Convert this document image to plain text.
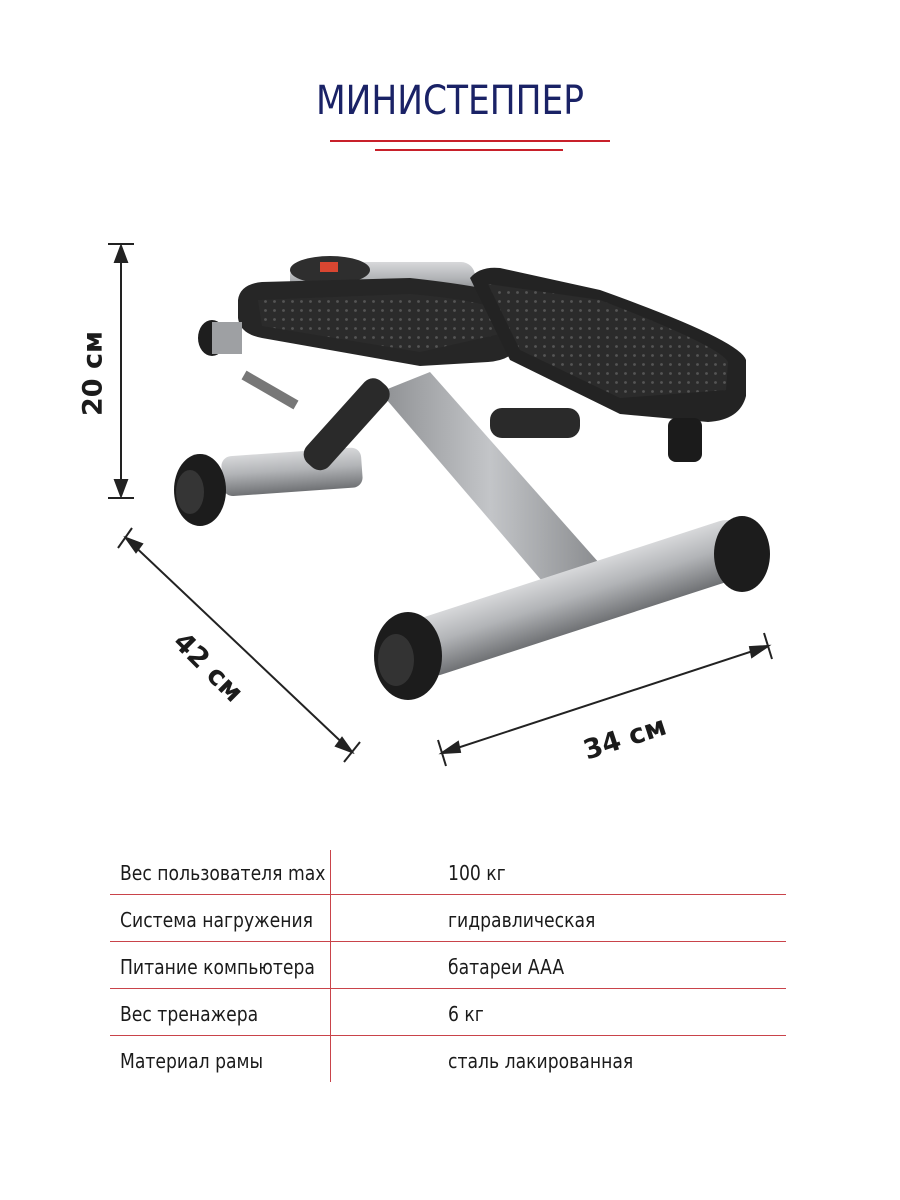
МИНИСТЕППЕР
20 см
42 см
34 см
Вес пользователя max	100 кг
Система нагружения	гидравлическая
Питание компьютера	батареи AAA
Вес тренажера	6 кг
Материал рамы	сталь лакированная
